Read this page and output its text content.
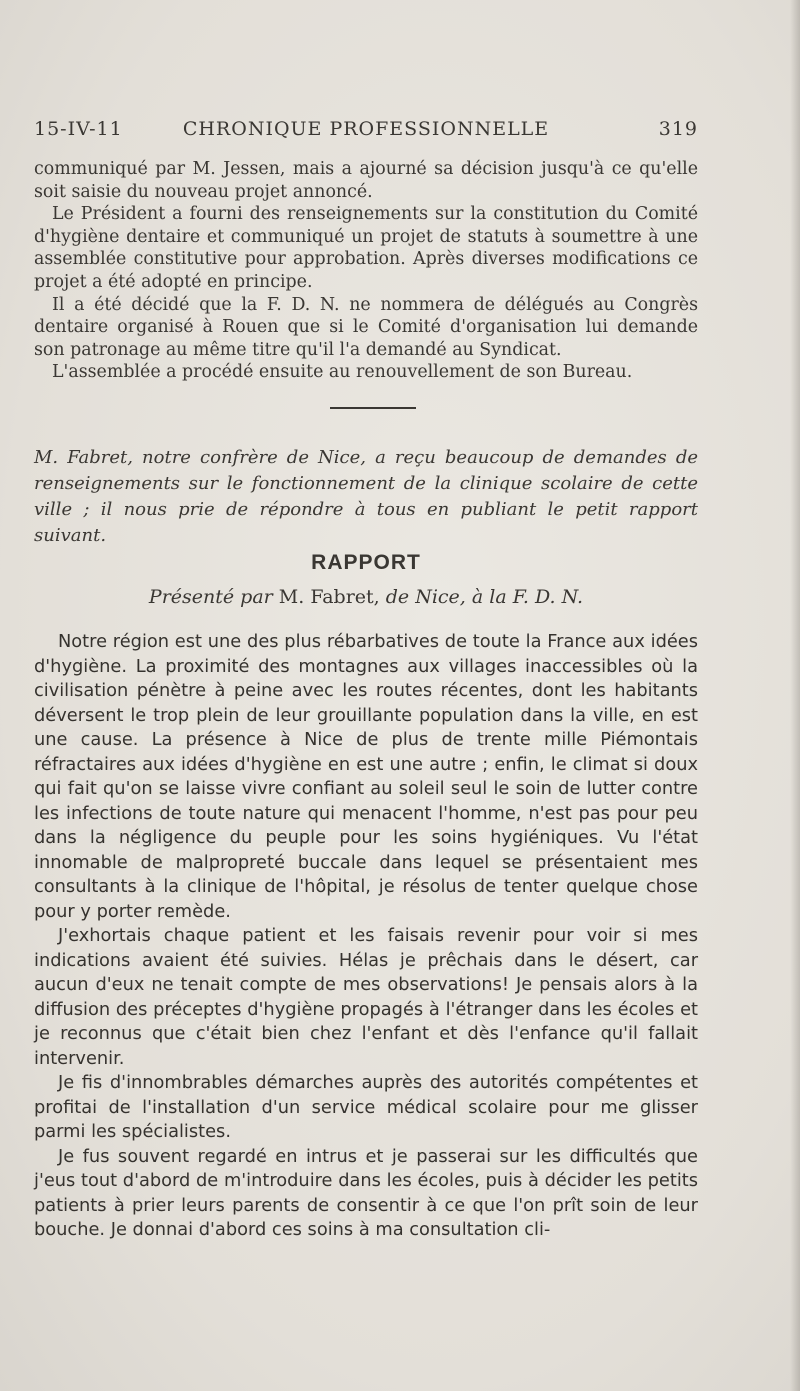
15-IV-11	CHRONIQUE PROFESSIONNELLE	319

communiqué par M. Jessen, mais a ajourné sa décision jusqu'à ce qu'elle soit saisie du nouveau projet annoncé.

Le Président a fourni des renseignements sur la constitution du Comité d'hygiène dentaire et communiqué un projet de statuts à soumettre à une assemblée constitutive pour approbation. Après diverses modifications ce projet a été adopté en principe.

Il a été décidé que la F. D. N. ne nommera de délégués au Congrès dentaire organisé à Rouen que si le Comité d'organisation lui demande son patronage au même titre qu'il l'a demandé au Syndicat.

L'assemblée a procédé ensuite au renouvellement de son Bureau.

M. Fabret, notre confrère de Nice, a reçu beaucoup de demandes de renseignements sur le fonctionnement de la clinique scolaire de cette ville ; il nous prie de répondre à tous en publiant le petit rapport suivant.
RAPPORT
Présenté par M. Fabret, de Nice, à la F. D. N.

Notre région est une des plus rébarbatives de toute la France aux idées d'hygiène. La proximité des montagnes aux villages inaccessibles où la civilisation pénètre à peine avec les routes récentes, dont les habitants déversent le trop plein de leur grouillante population dans la ville, en est une cause. La présence à Nice de plus de trente mille Piémontais réfractaires aux idées d'hygiène en est une autre ; enfin, le climat si doux qui fait qu'on se laisse vivre confiant au soleil seul le soin de lutter contre les infections de toute nature qui menacent l'homme, n'est pas pour peu dans la négligence du peuple pour les soins hygiéniques. Vu l'état innomable de malpropreté buccale dans lequel se présentaient mes consultants à la clinique de l'hôpital, je résolus de tenter quelque chose pour y porter remède.

J'exhortais chaque patient et les faisais revenir pour voir si mes indications avaient été suivies. Hélas je prêchais dans le désert, car aucun d'eux ne tenait compte de mes observations! Je pensais alors à la diffusion des préceptes d'hygiène propagés à l'étranger dans les écoles et je reconnus que c'était bien chez l'enfant et dès l'enfance qu'il fallait intervenir.

Je fis d'innombrables démarches auprès des autorités compétentes et profitai de l'installation d'un service médical scolaire pour me glisser parmi les spécialistes.

Je fus souvent regardé en intrus et je passerai sur les difficultés que j'eus tout d'abord de m'introduire dans les écoles, puis à décider les petits patients à prier leurs parents de consentir à ce que l'on prît soin de leur bouche. Je donnai d'abord ces soins à ma consultation cli-
